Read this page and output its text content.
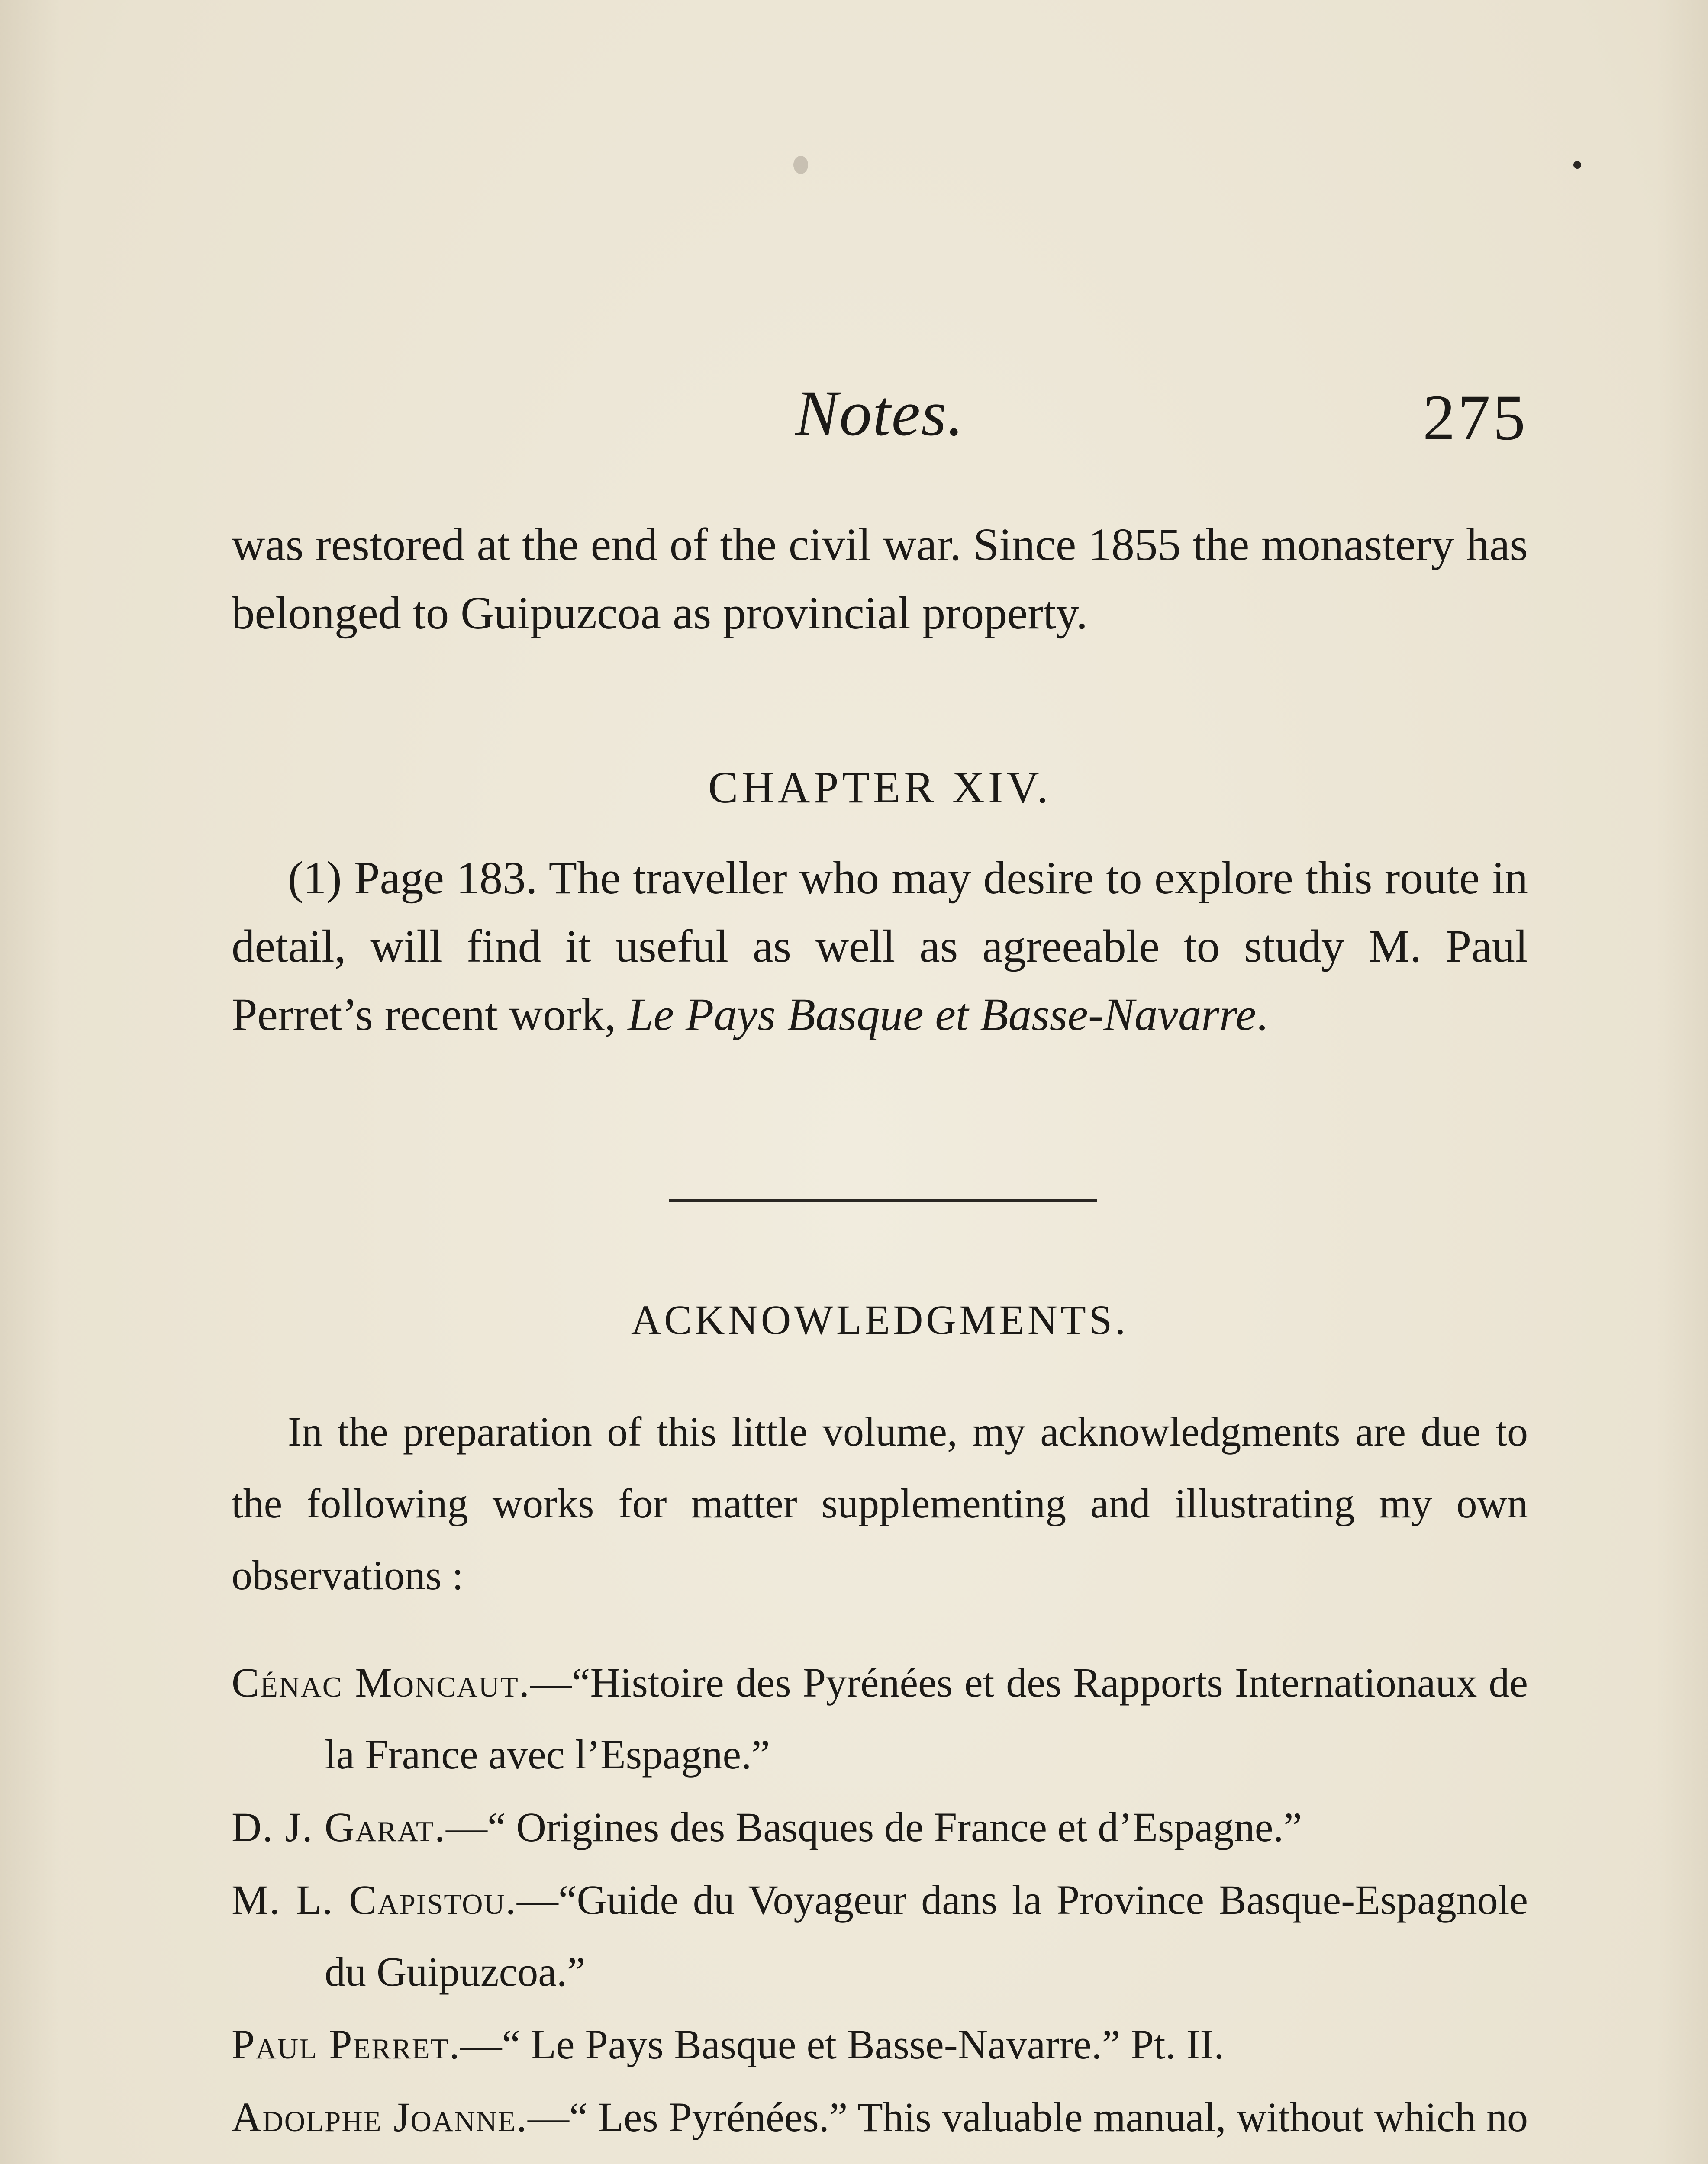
Notes.	275

was restored at the end of the civil war. Since 1855 the monastery has belonged to Guipuzcoa as provincial property.

CHAPTER XIV.

(1) Page 183. The traveller who may desire to explore this route in detail, will find it useful as well as agreeable to study M. Paul Perret’s recent work, Le Pays Basque et Basse-Navarre.

ACKNOWLEDGMENTS.

In the preparation of this little volume, my acknowledgments are due to the following works for matter supplementing and illustrating my own observations :

Cénac Moncaut.—“Histoire des Pyrénées et des Rapports Internationaux de la France avec l’Espagne.”

D. J. Garat.—“ Origines des Basques de France et d’Espagne.”

M. L. Capistou.—“Guide du Voyageur dans la Province Basque-Espagnole du Guipuzcoa.”

Paul Perret.—“ Le Pays Basque et Basse-Navarre.” Pt. II.

Adolphe Joanne.—“ Les Pyrénées.” This valuable manual, without which no
